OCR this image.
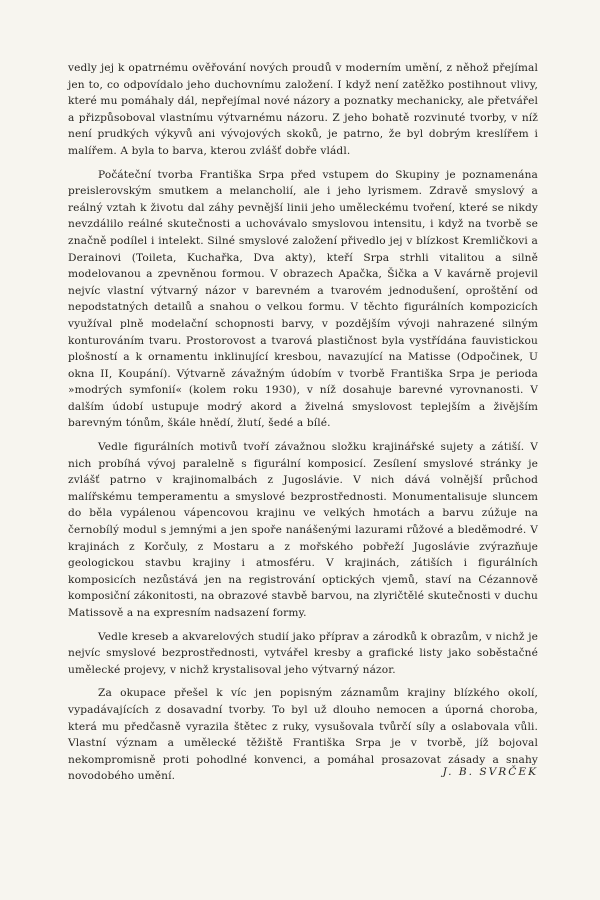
vedly jej k opatrnému ověřování nových proudů v moderním umění, z něhož přejímal jen to, co odpovídalo jeho duchovnímu založení. I když není zatěžko postihnout vlivy, které mu pomáhaly dál, nepřejímal nové názory a poznatky mechanicky, ale přetvářel a přizpůsoboval vlastnímu výtvarnému názoru. Z jeho bohatě rozvinuté tvorby, v níž není prudkých výkyvů ani vývojových skoků, je patrno, že byl dobrým kreslířem i malířem. A byla to barva, kterou zvlášť dobře vládl.

Počáteční tvorba Františka Srpa před vstupem do Skupiny je poznamenána preislerovským smutkem a melancholií, ale i jeho lyrismem. Zdravě smyslový a reálný vztah k životu dal záhy pevnější linii jeho uměleckému tvoření, které se nikdy nevzdálilo reálné skutečnosti a uchovávalo smyslovou intensitu, i když na tvorbě se značně podílel i intelekt. Silné smyslové založení přivedlo jej v blízkost Kremličkovi a Derainovi (Toileta, Kuchařka, Dva akty), kteří Srpa strhli vitalitou a silně modelovanou a zpevněnou formou. V obrazech Apačka, Šička a V kavárně projevil nejvíc vlastní výtvarný názor v barevném a tvarovém jednodušení, oproštění od nepodstatných detailů a snahou o velkou formu. V těchto figurálních kompozicích využíval plně modelační schopnosti barvy, v pozdějším vývoji nahrazené silným konturováním tvaru. Prostorovost a tvarová plastičnost byla vystřídána fauvistickou plošností a k ornamentu inklinující kresbou, navazující na Matisse (Odpočinek, U okna II, Koupání). Výtvarně závažným údobím v tvorbě Františka Srpa je perioda »modrých symfonií« (kolem roku 1930), v níž dosahuje barevné vyrovnanosti. V dalším údobí ustupuje modrý akord a živelná smyslovost teplejším a živějším barevným tónům, škále hnědí, žlutí, šedé a bílé.

Vedle figurálních motivů tvoří závažnou složku krajinářské sujety a zátiší. V nich probíhá vývoj paralelně s figurální komposicí. Zesílení smyslové stránky je zvlášť patrno v krajinomalbách z Jugoslávie. V nich dává volnější průchod malířskému temperamentu a smyslové bezprostřednosti. Monumentalisuje sluncem do běla vypálenou vápencovou krajinu ve velkých hmotách a barvu zúžuje na černobílý modul s jemnými a jen spoře nanášenými lazurami růžové a bleděmodré. V krajinách z Korčuly, z Mostaru a z mořského pobřeží Jugoslávie zvýrazňuje geologickou stavbu krajiny i atmosféru. V krajinách, zátiších i figurálních komposicích nezůstává jen na registrování optických vjemů, staví na Cézannově komposiční zákonitosti, na obrazové stavbě barvou, na zlyričtělé skutečnosti v duchu Matissově a na expresním nadsazení formy.

Vedle kreseb a akvarelových studií jako příprav a zárodků k obrazům, v nichž je nejvíc smyslové bezprostřednosti, vytvářel kresby a grafické listy jako soběstačné umělecké projevy, v nichž krystalisoval jeho výtvarný názor.

Za okupace přešel k víc jen popisným záznamům krajiny blízkého okolí, vypadávajících z dosavadní tvorby. To byl už dlouho nemocen a úporná choroba, která mu předčasně vyrazila štětec z ruky, vysušovala tvůrčí síly a oslabovala vůli. Vlastní význam a umělecké těžiště Františka Srpa je v tvorbě, jíž bojoval nekompromisně proti pohodlné konvenci, a pomáhal prosazovat zásady a snahy novodobého umění.	J. B. SVRČEK
